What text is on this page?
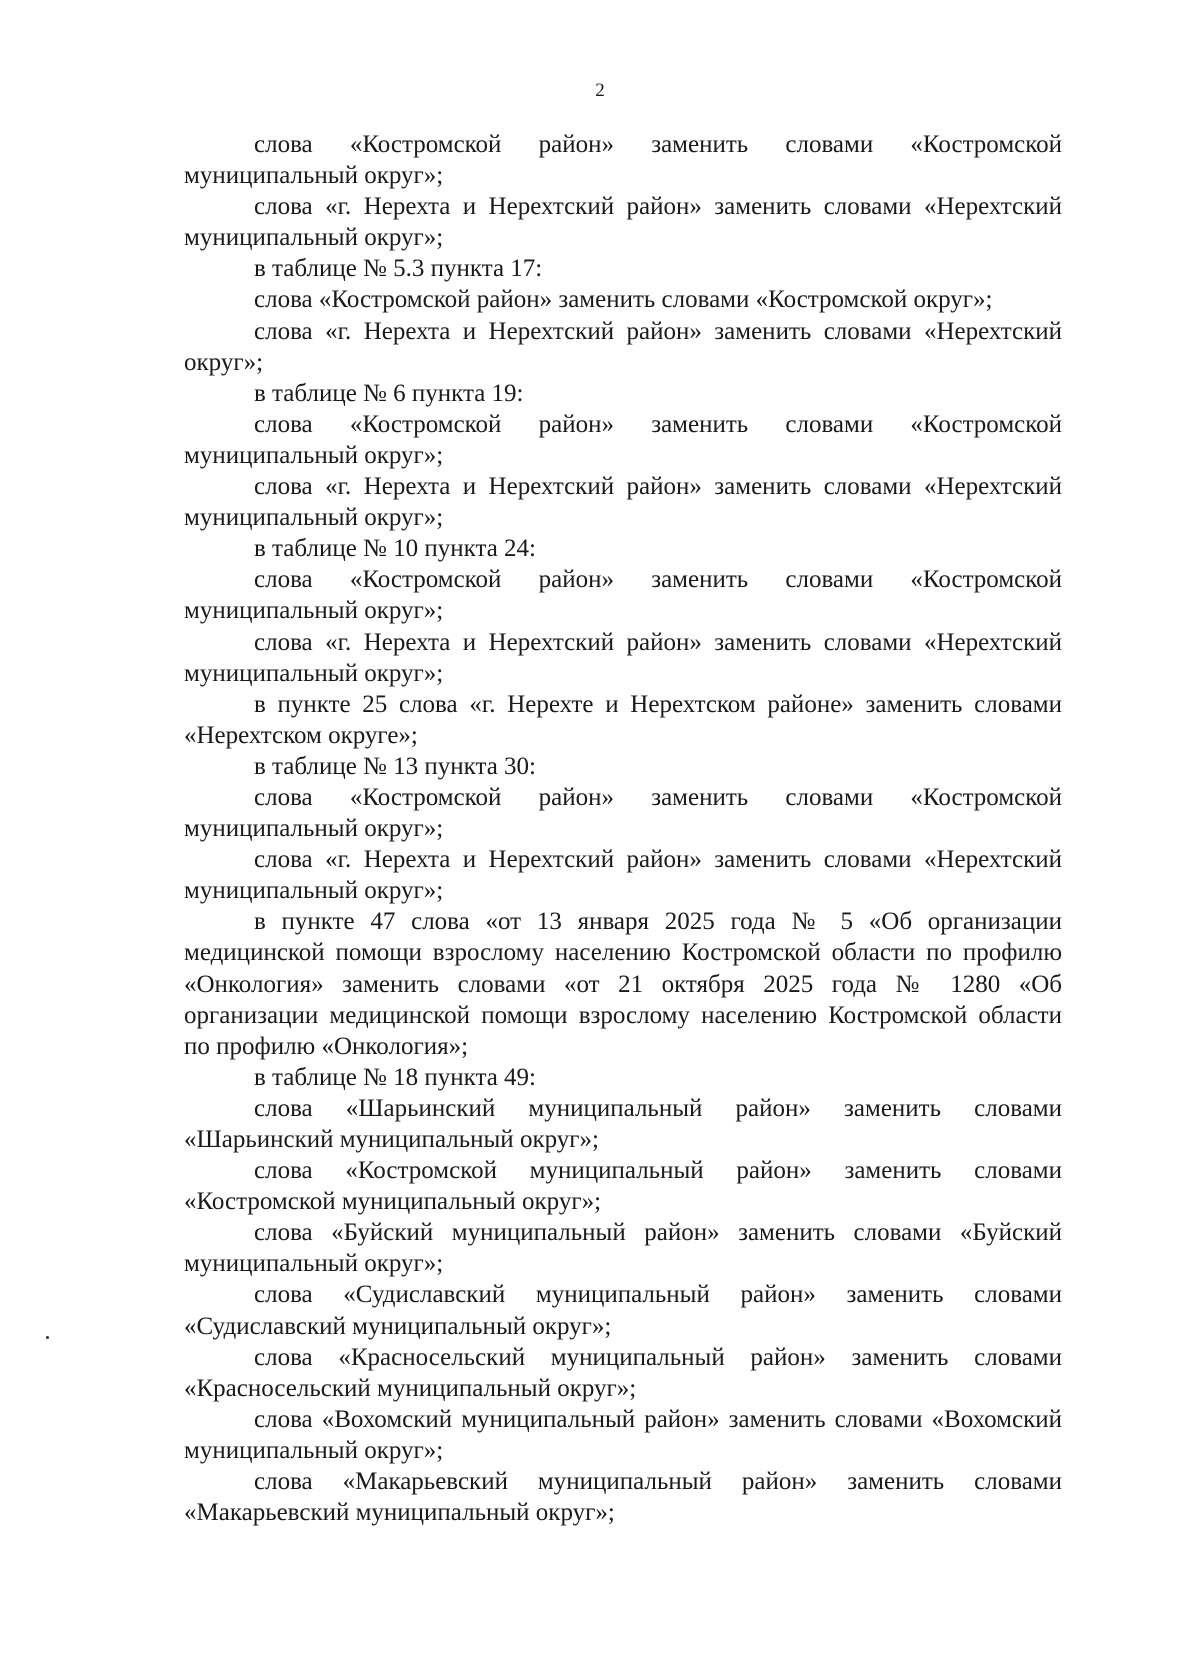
2

слова «Костромской район» заменить словами «Костромской муниципальный округ»;

слова «г. Нерехта и Нерехтский район» заменить словами «Нерехтский муниципальный округ»;

в таблице № 5.3 пункта 17:

слова «Костромской район» заменить словами «Костромской округ»;

слова «г. Нерехта и Нерехтский район» заменить словами «Нерехтский округ»;

в таблице № 6 пункта 19:

слова «Костромской район» заменить словами «Костромской муниципальный округ»;

слова «г. Нерехта и Нерехтский район» заменить словами «Нерехтский муниципальный округ»;

в таблице № 10 пункта 24:

слова «Костромской район» заменить словами «Костромской муниципальный округ»;

слова «г. Нерехта и Нерехтский район» заменить словами «Нерехтский муниципальный округ»;

в пункте 25 слова «г. Нерехте и Нерехтском районе» заменить словами «Нерехтском округе»;

в таблице № 13 пункта 30:

слова «Костромской район» заменить словами «Костромской муниципальный округ»;

слова «г. Нерехта и Нерехтский район» заменить словами «Нерехтский муниципальный округ»;

в пункте 47 слова «от 13 января 2025 года № 5 «Об организации медицинской помощи взрослому населению Костромской области по профилю «Онкология» заменить словами «от 21 октября 2025 года № 1280 «Об организации медицинской помощи взрослому населению Костромской области по профилю «Онкология»;

в таблице № 18 пункта 49:

слова «Шарьинский муниципальный район» заменить словами «Шарьинский муниципальный округ»;

слова «Костромской муниципальный район» заменить словами «Костромской муниципальный округ»;

слова «Буйский муниципальный район» заменить словами «Буйский муниципальный округ»;

слова «Судиславский муниципальный район» заменить словами «Судиславский муниципальный округ»;

слова «Красносельский муниципальный район» заменить словами «Красносельский муниципальный округ»;

слова «Вохомский муниципальный район» заменить словами «Вохомский муниципальный округ»;

слова «Макарьевский муниципальный район» заменить словами «Макарьевский муниципальный округ»;
